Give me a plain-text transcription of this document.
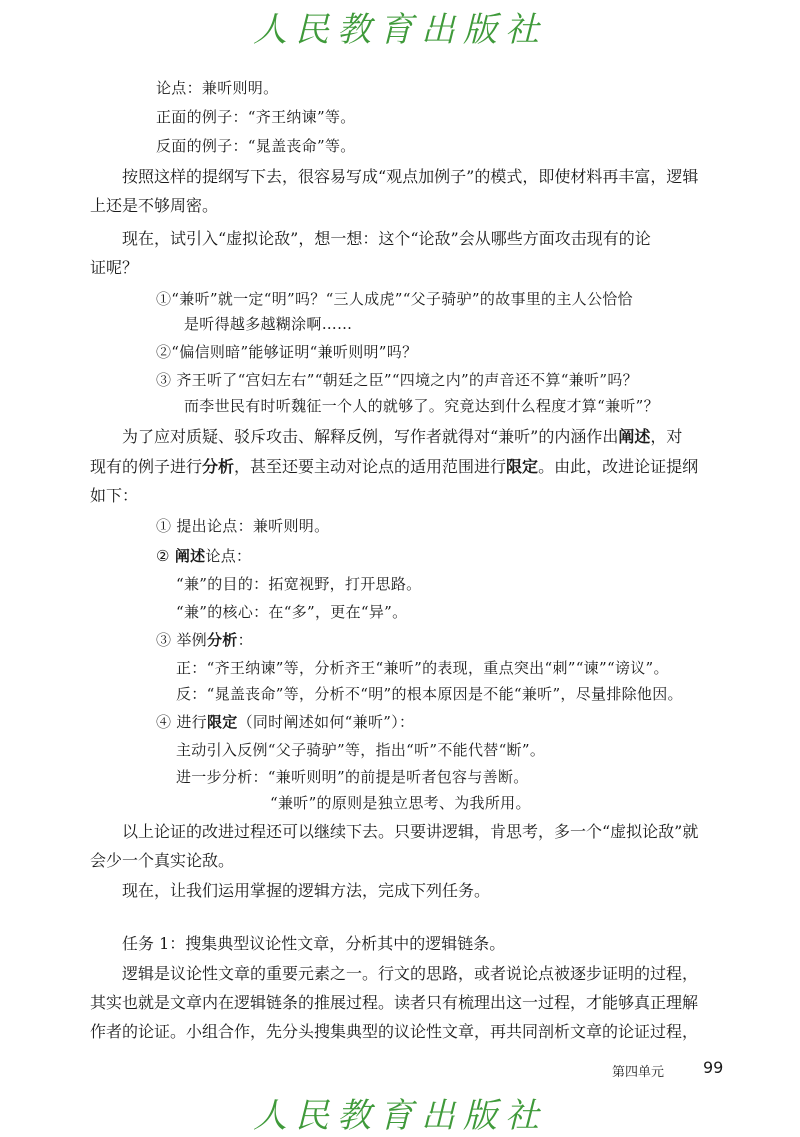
人民教育出版社
论点：兼听则明。
正面的例子：“齐王纳谏”等。
反面的例子：“晁盖丧命”等。
按照这样的提纲写下去，很容易写成“观点加例子”的模式，即使材料再丰富，逻辑
上还是不够周密。
现在，试引入“虚拟论敌”，想一想：这个“论敌”会从哪些方面攻击现有的论
证呢？
①“兼听”就一定“明”吗？“三人成虎”“父子骑驴”的故事里的主人公恰恰
是听得越多越糊涂啊……
②“偏信则暗”能够证明“兼听则明”吗？
③ 齐王听了“宫妇左右”“朝廷之臣”“四境之内”的声音还不算“兼听”吗？
而李世民有时听魏征一个人的就够了。究竟达到什么程度才算“兼听”？
为了应对质疑、驳斥攻击、解释反例，写作者就得对“兼听”的内涵作出阐述，对
现有的例子进行分析，甚至还要主动对论点的适用范围进行限定。由此，改进论证提纲
如下：
① 提出论点：兼听则明。
② 阐述论点：
“兼”的目的：拓宽视野，打开思路。
“兼”的核心：在“多”，更在“异”。
③ 举例分析：
正：“齐王纳谏”等，分析齐王“兼听”的表现，重点突出“刺”“谏”“谤议”。
反：“晁盖丧命”等，分析不“明”的根本原因是不能“兼听”，尽量排除他因。
④ 进行限定（同时阐述如何“兼听”）：
主动引入反例“父子骑驴”等，指出“听”不能代替“断”。
进一步分析：“兼听则明”的前提是听者包容与善断。
“兼听”的原则是独立思考、为我所用。
以上论证的改进过程还可以继续下去。只要讲逻辑，肯思考，多一个“虚拟论敌”就
会少一个真实论敌。
现在，让我们运用掌握的逻辑方法，完成下列任务。
任务 1：搜集典型议论性文章，分析其中的逻辑链条。
逻辑是议论性文章的重要元素之一。行文的思路，或者说论点被逐步证明的过程，
其实也就是文章内在逻辑链条的推展过程。读者只有梳理出这一过程，才能够真正理解
作者的论证。小组合作，先分头搜集典型的议论性文章，再共同剖析文章的论证过程，
第四单元 99
人民教育出版社
